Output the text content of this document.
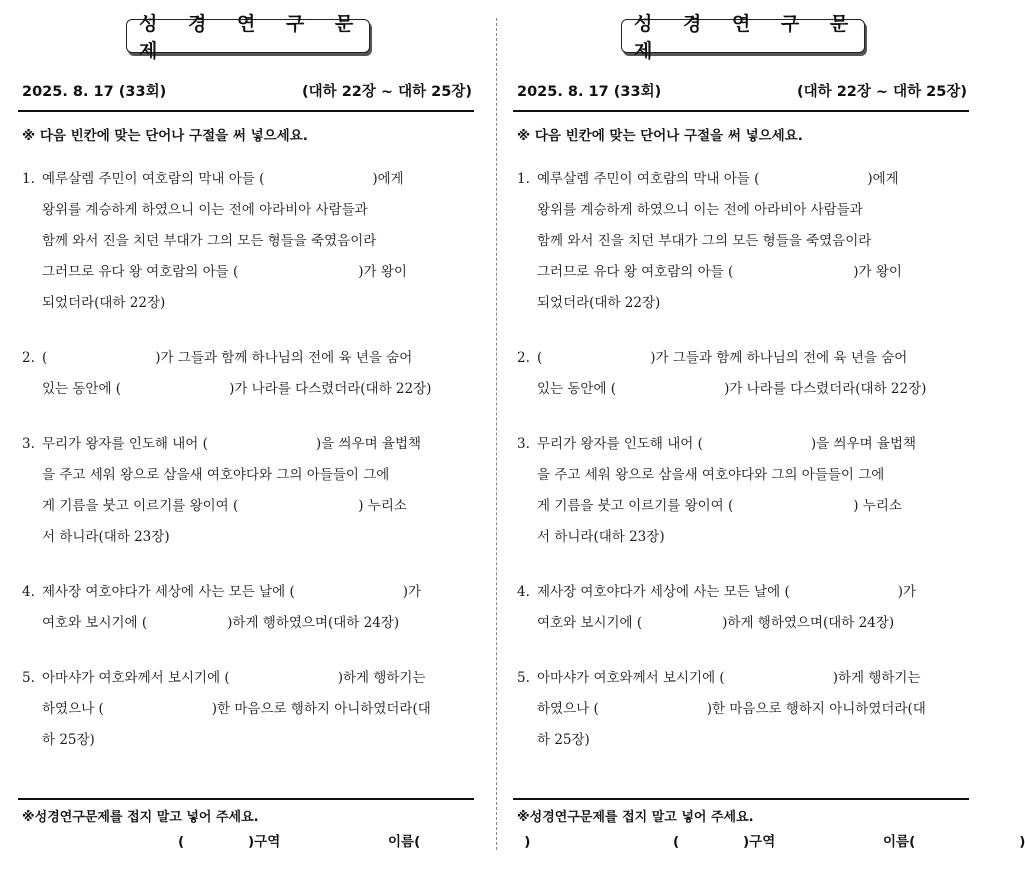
성 경 연 구 문 제
2025. 8. 17 (33회)	(대하 22장 ~ 대하 25장)
※ 다음 빈칸에 맞는 단어나 구절을 써 넣으세요.
1. 예루살렘 주민이 여호람의 막내 아들 (	)에게
왕위를 계승하게 하였으니 이는 전에 아라비아 사람들과
함께 와서 진을 치던 부대가 그의 모든 형들을 죽였음이라
그러므로 유다 왕 여호람의 아들 (	)가 왕이
되었더라(대하 22장)
2. (	)가 그들과 함께 하나님의 전에 육 년을 숨어
있는 동안에 (	)가 나라를 다스렸더라(대하 22장)
3. 무리가 왕자를 인도해 내어 (	)을 씌우며 율법책
을 주고 세워 왕으로 삼을새 여호야다와 그의 아들들이 그에
게 기름을 붓고 이르기를 왕이여 (	) 누리소
서 하니라(대하 23장)
4. 제사장 여호야다가 세상에 사는 모든 날에 (	)가
여호와 보시기에 (	)하게 행하였으며(대하 24장)
5. 아마샤가 여호와께서 보시기에 (	)하게 행하기는
하였으나 (	)한 마음으로 행하지 아니하였더라(대
하 25장)
※성경연구문제를 접지 말고 넣어 주세요.
(	)구역	이름(	)
성 경 연 구 문 제
2025. 8. 17 (33회)	(대하 22장 ~ 대하 25장)
※ 다음 빈칸에 맞는 단어나 구절을 써 넣으세요.
1. 예루살렘 주민이 여호람의 막내 아들 (	)에게
왕위를 계승하게 하였으니 이는 전에 아라비아 사람들과
함께 와서 진을 치던 부대가 그의 모든 형들을 죽였음이라
그러므로 유다 왕 여호람의 아들 (	)가 왕이
되었더라(대하 22장)
2. (	)가 그들과 함께 하나님의 전에 육 년을 숨어
있는 동안에 (	)가 나라를 다스렸더라(대하 22장)
3. 무리가 왕자를 인도해 내어 (	)을 씌우며 율법책
을 주고 세워 왕으로 삼을새 여호야다와 그의 아들들이 그에
게 기름을 붓고 이르기를 왕이여 (	) 누리소
서 하니라(대하 23장)
4. 제사장 여호야다가 세상에 사는 모든 날에 (	)가
여호와 보시기에 (	)하게 행하였으며(대하 24장)
5. 아마샤가 여호와께서 보시기에 (	)하게 행하기는
하였으나 (	)한 마음으로 행하지 아니하였더라(대
하 25장)
※성경연구문제를 접지 말고 넣어 주세요.
(	)구역	이름(	)
